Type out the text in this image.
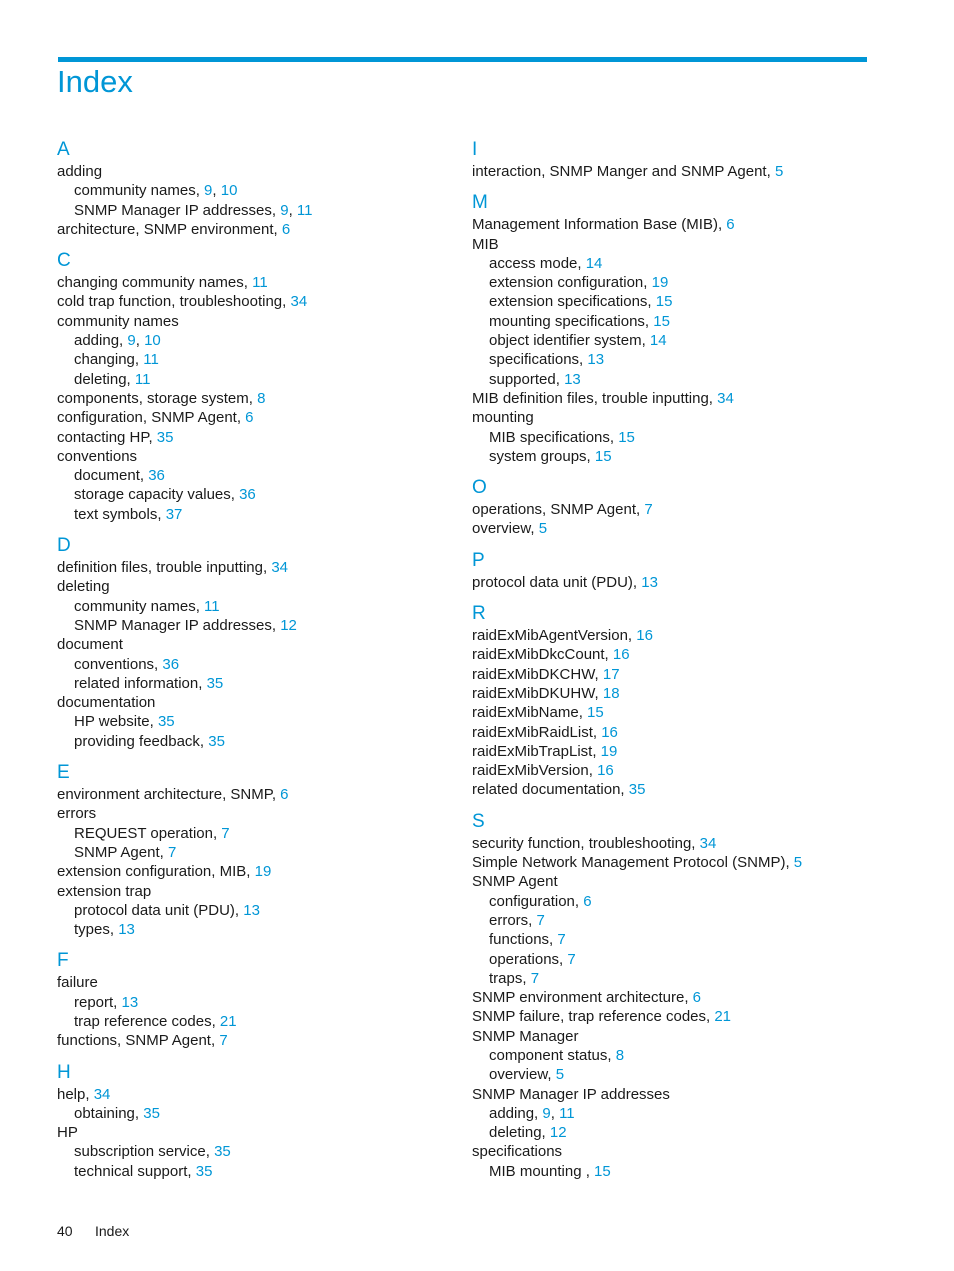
Index
A
adding
community names, 9, 10
SNMP Manager IP addresses, 9, 11
architecture, SNMP environment, 6
C
changing community names, 11
cold trap function, troubleshooting, 34
community names
adding, 9, 10
changing, 11
deleting, 11
components, storage system, 8
configuration, SNMP Agent, 6
contacting HP, 35
conventions
document, 36
storage capacity values, 36
text symbols, 37
D
definition files, trouble inputting, 34
deleting
community names, 11
SNMP Manager IP addresses, 12
document
conventions, 36
related information, 35
documentation
HP website, 35
providing feedback, 35
E
environment architecture, SNMP, 6
errors
REQUEST operation, 7
SNMP Agent, 7
extension configuration, MIB, 19
extension trap
protocol data unit (PDU), 13
types, 13
F
failure
report, 13
trap reference codes, 21
functions, SNMP Agent, 7
H
help, 34
obtaining, 35
HP
subscription service, 35
technical support, 35
I
interaction, SNMP Manger and SNMP Agent, 5
M
Management Information Base (MIB), 6
MIB
access mode, 14
extension configuration, 19
extension specifications, 15
mounting specifications, 15
object identifier system, 14
specifications, 13
supported, 13
MIB definition files, trouble inputting, 34
mounting
MIB specifications, 15
system groups, 15
O
operations, SNMP Agent, 7
overview, 5
P
protocol data unit (PDU), 13
R
raidExMibAgentVersion, 16
raidExMibDkcCount, 16
raidExMibDKCHW, 17
raidExMibDKUHW, 18
raidExMibName, 15
raidExMibRaidList, 16
raidExMibTrapList, 19
raidExMibVersion, 16
related documentation, 35
S
security function, troubleshooting, 34
Simple Network Management Protocol (SNMP), 5
SNMP Agent
configuration, 6
errors, 7
functions, 7
operations, 7
traps, 7
SNMP environment architecture, 6
SNMP failure, trap reference codes, 21
SNMP Manager
component status, 8
overview, 5
SNMP Manager IP addresses
adding, 9, 11
deleting, 12
specifications
MIB mounting , 15
40 Index
